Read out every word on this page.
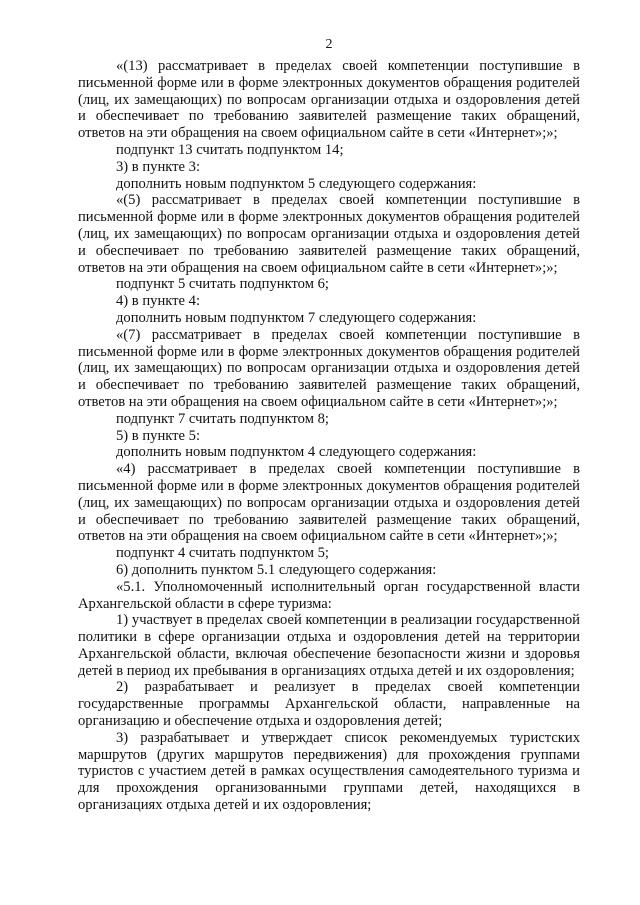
2

«(13) рассматривает в пределах своей компетенции поступившие в письменной форме или в форме электронных документов обращения родителей (лиц, их замещающих) по вопросам организации отдыха и оздоровления детей и обеспечивает по требованию заявителей размещение таких обращений, ответов на эти обращения на своем официальном сайте в сети «Интернет»;»;

подпункт 13 считать подпунктом 14;

3) в пункте 3:

дополнить новым подпунктом 5 следующего содержания:

«(5) рассматривает в пределах своей компетенции поступившие в письменной форме или в форме электронных документов обращения родителей (лиц, их замещающих) по вопросам организации отдыха и оздоровления детей и обеспечивает по требованию заявителей размещение таких обращений, ответов на эти обращения на своем официальном сайте в сети «Интернет»;»;

подпункт 5 считать подпунктом 6;

4) в пункте 4:

дополнить новым подпунктом 7 следующего содержания:

«(7) рассматривает в пределах своей компетенции поступившие в письменной форме или в форме электронных документов обращения родителей (лиц, их замещающих) по вопросам организации отдыха и оздоровления детей и обеспечивает по требованию заявителей размещение таких обращений, ответов на эти обращения на своем официальном сайте в сети «Интернет»;»;

подпункт 7 считать подпунктом 8;

5) в пункте 5:

дополнить новым подпунктом 4 следующего содержания:

«4) рассматривает в пределах своей компетенции поступившие в письменной форме или в форме электронных документов обращения родителей (лиц, их замещающих) по вопросам организации отдыха и оздоровления детей и обеспечивает по требованию заявителей размещение таких обращений, ответов на эти обращения на своем официальном сайте в сети «Интернет»;»;

подпункт 4 считать подпунктом 5;

6) дополнить пунктом 5.1 следующего содержания:

«5.1. Уполномоченный исполнительный орган государственной власти Архангельской области в сфере туризма:

1) участвует в пределах своей компетенции в реализации государственной политики в сфере организации отдыха и оздоровления детей на территории Архангельской области, включая обеспечение безопасности жизни и здоровья детей в период их пребывания в организациях отдыха детей и их оздоровления;

2) разрабатывает и реализует в пределах своей компетенции государственные программы Архангельской области, направленные на организацию и обеспечение отдыха и оздоровления детей;

3) разрабатывает и утверждает список рекомендуемых туристских маршрутов (других маршрутов передвижения) для прохождения группами туристов с участием детей в рамках осуществления самодеятельного туризма и для прохождения организованными группами детей, находящихся в организациях отдыха детей и их оздоровления;
